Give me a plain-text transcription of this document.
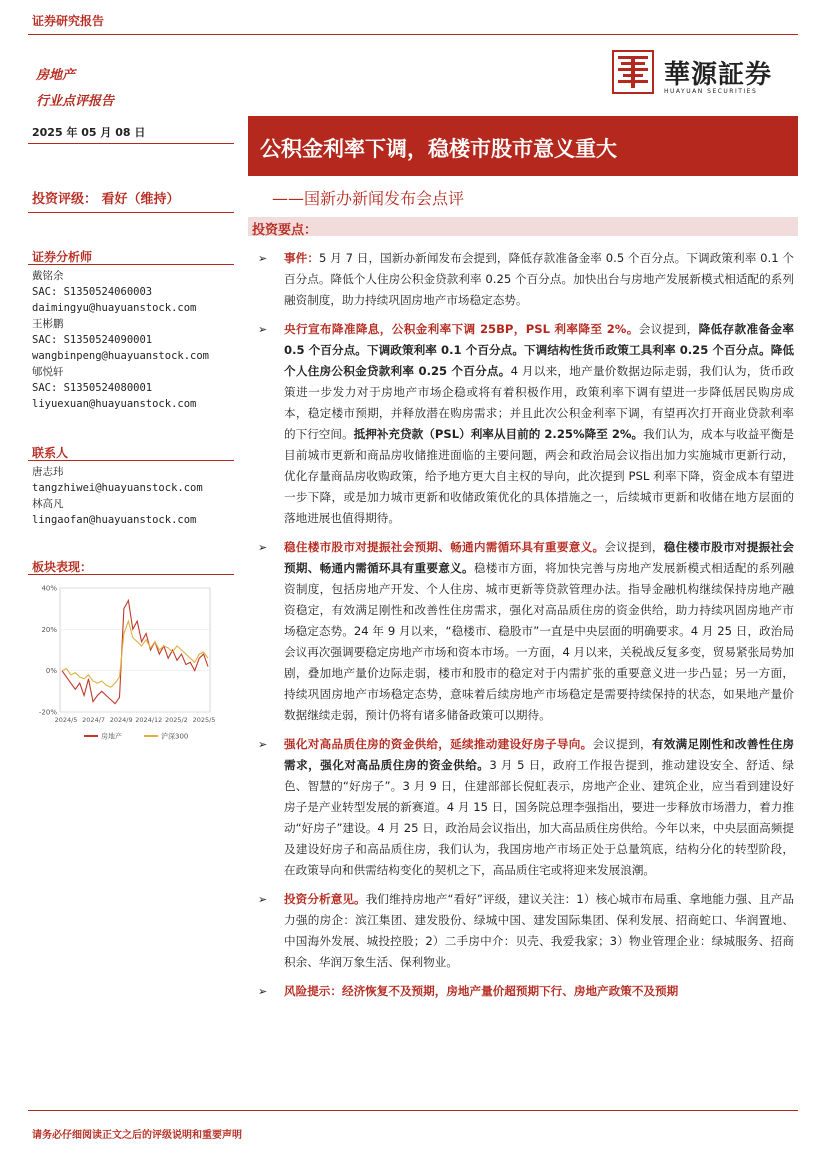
证券研究报告
房地产
行业点评报告
華源証券
HUAYUAN SECURITIES
2025 年 05 月 08 日
公积金利率下调，稳楼市股市意义重大
——国新办新闻发布会点评
投资评级： 看好（维持）
投资要点：
证券分析师
戴铭余
SAC: S1350524060003
daimingyu@huayuanstock.com
王彬鹏
SAC: S1350524090001
wangbinpeng@huayuanstock.com
郇悦轩
SAC: S1350524080001
liyuexuan@huayuanstock.com
联系人
唐志玮
tangzhiwei@huayuanstock.com
林高凡
lingaofan@huayuanstock.com
板块表现：
40%
20%
0%
-20%
2024/5 2024/7 2024/9 2024/12 2025/2 2025/5
房地产	沪深300
➢ 事件：5 月 7 日，国新办新闻发布会提到，降低存款准备金率 0.5 个百分点。下调政策利率 0.1 个百分点。降低个人住房公积金贷款利率 0.25 个百分点。加快出台与房地产发展新模式相适配的系列融资制度，助力持续巩固房地产市场稳定态势。
➢ 央行宣布降准降息，公积金利率下调 25BP，PSL 利率降至 2%。会议提到，降低存款准备金率 0.5 个百分点。下调政策利率 0.1 个百分点。下调结构性货币政策工具利率 0.25 个百分点。降低个人住房公积金贷款利率 0.25 个百分点。4 月以来，地产量价数据边际走弱，我们认为，货币政策进一步发力对于房地产市场企稳或将有着积极作用，政策利率下调有望进一步降低居民购房成本，稳定楼市预期，并释放潜在购房需求；并且此次公积金利率下调，有望再次打开商业贷款利率的下行空间。抵押补充贷款（PSL）利率从目前的 2.25%降至 2%。我们认为，成本与收益平衡是目前城市更新和商品房收储推进面临的主要问题，两会和政治局会议指出加力实施城市更新行动，优化存量商品房收购政策，给予地方更大自主权的导向，此次提到 PSL 利率下降，资金成本有望进一步下降，或是加力城市更新和收储政策优化的具体措施之一，后续城市更新和收储在地方层面的落地进展也值得期待。
➢ 稳住楼市股市对提振社会预期、畅通内需循环具有重要意义。会议提到，稳住楼市股市对提振社会预期、畅通内需循环具有重要意义。稳楼市方面，将加快完善与房地产发展新模式相适配的系列融资制度，包括房地产开发、个人住房、城市更新等贷款管理办法。指导金融机构继续保持房地产融资稳定，有效满足刚性和改善性住房需求，强化对高品质住房的资金供给，助力持续巩固房地产市场稳定态势。24 年 9 月以来，“稳楼市、稳股市”一直是中央层面的明确要求。4 月 25 日，政治局会议再次强调要稳定房地产市场和资本市场。一方面，4 月以来，关税战反复多变，贸易紧张局势加剧，叠加地产量价边际走弱，楼市和股市的稳定对于内需扩张的重要意义进一步凸显；另一方面，持续巩固房地产市场稳定态势，意味着后续房地产市场稳定是需要持续保持的状态，如果地产量价数据继续走弱，预计仍将有诸多储备政策可以期待。
➢ 强化对高品质住房的资金供给，延续推动建设好房子导向。会议提到，有效满足刚性和改善性住房需求，强化对高品质住房的资金供给。3 月 5 日，政府工作报告提到，推动建设安全、舒适、绿色、智慧的“好房子”。3 月 9 日，住建部部长倪虹表示，房地产企业、建筑企业，应当看到建设好房子是产业转型发展的新赛道。4 月 15 日，国务院总理李强指出，要进一步释放市场潜力，着力推动“好房子”建设。4 月 25 日，政治局会议指出，加大高品质住房供给。今年以来，中央层面高频提及建设好房子和高品质住房，我们认为，我国房地产市场正处于总量筑底，结构分化的转型阶段，在政策导向和供需结构变化的契机之下，高品质住宅或将迎来发展浪潮。
➢ 投资分析意见。我们维持房地产“看好”评级，建议关注：1）核心城市布局重、拿地能力强、且产品力强的房企：滨江集团、建发股份、绿城中国、建发国际集团、保利发展、招商蛇口、华润置地、中国海外发展、城投控股；2）二手房中介：贝壳、我爱我家；3）物业管理企业：绿城服务、招商积余、华润万象生活、保利物业。
➢ 风险提示：经济恢复不及预期，房地产量价超预期下行、房地产政策不及预期
请务必仔细阅读正文之后的评级说明和重要声明
